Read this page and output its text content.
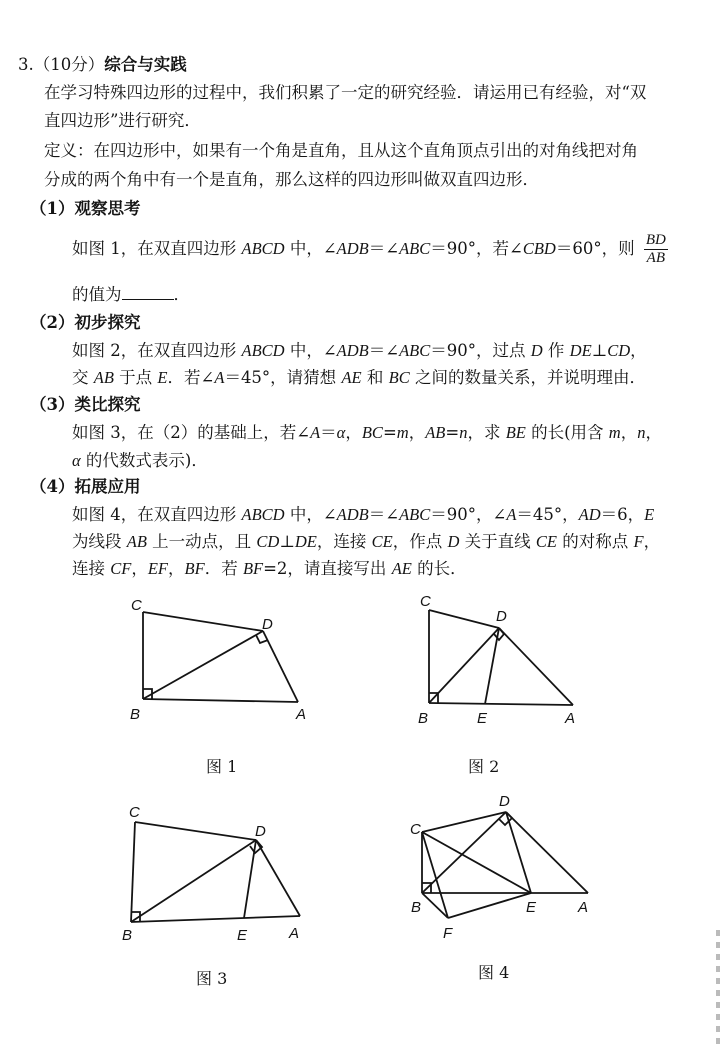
3.（10分）综合与实践
在学习特殊四边形的过程中，我们积累了一定的研究经验．请运用已有经验，对“双
直四边形”进行研究．
定义：在四边形中，如果有一个角是直角，且从这个直角顶点引出的对角线把对角
分成的两个角中有一个是直角，那么这样的四边形叫做双直四边形．
（1）观察思考
如图 1，在双直四边形 ABCD 中，∠ADB＝∠ABC＝90°，若∠CBD＝60°，则 $\frac{BD}{AB}$
的值为	．
（2）初步探究
如图 2，在双直四边形 ABCD 中，∠ADB＝∠ABC＝90°，过点 D 作 DE⊥CD，
交 AB 于点 E．若∠A＝45°，请猜想 AE 和 BC 之间的数量关系，并说明理由．
（3）类比探究
如图 3，在（2）的基础上，若∠A＝α，BC=m，AB=n，求 BE 的长(用含 m，n，
α 的代数式表示)．
（4）拓展应用
如图 4，在双直四边形 ABCD 中，∠ADB＝∠ABC＝90°，∠A＝45°，AD＝6，E
为线段 AB 上一动点，且 CD⊥DE，连接 CE，作点 D 关于直线 CE 的对称点 F，
连接 CF，EF，BF．若 BF=2，请直接写出 AE 的长．
C
D
B	A
图 1
C
D
B	E	A
图 2
C
D
B	E	A
图 3
D
C
B	E	A
F
图 4
